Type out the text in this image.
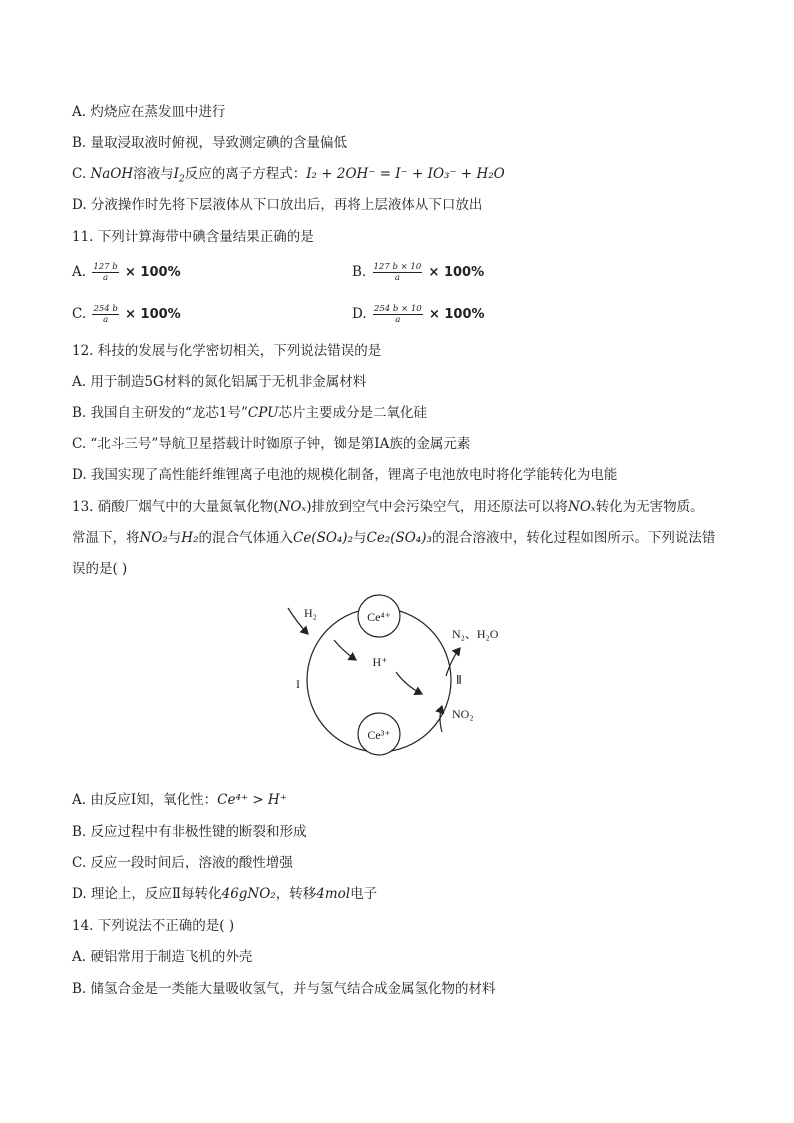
A. 灼烧应在蒸发皿中进行
B. 量取浸取液时俯视，导致测定碘的含量偏低
C. NaOH溶液与$I_2$反应的离子方程式：I₂ + 2OH⁻ = I⁻ + IO₃⁻ + H₂O
D. 分液操作时先将下层液体从下口放出后，再将上层液体从下口放出
11. 下列计算海带中碘含量结果正确的是
A. $\frac{127 b}{a} \times 100\%$	B. $\frac{127 b \times 10}{a} \times 100\%$
C. $\frac{254 b}{a} \times 100\%$	D. $\frac{254 b \times 10}{a} \times 100\%$
12. 科技的发展与化学密切相关，下列说法错误的是
A. 用于制造5G材料的氮化铝属于无机非金属材料
B. 我国自主研发的“龙芯1号”CPU芯片主要成分是二氧化硅
C. “北斗三号”导航卫星搭载计时铷原子钟，铷是第ⅠA族的金属元素
D. 我国实现了高性能纤维锂离子电池的规模化制备，锂离子电池放电时将化学能转化为电能
13. 硝酸厂烟气中的大量氮氧化物(NOₓ)排放到空气中会污染空气，用还原法可以将NOₓ转化为无害物质。
常温下，将NO₂与H₂的混合气体通入Ce(SO₄)₂与Ce₂(SO₄)₃的混合溶液中，转化过程如图所示。下列说法错
误的是( )
Ce⁴⁺
Ce³⁺
H₂
H⁺
N₂、H₂O
Ⅱ
I
NO₂
A. 由反应Ⅰ知，氧化性：Ce⁴⁺ > H⁺
B. 反应过程中有非极性键的断裂和形成
C. 反应一段时间后，溶液的酸性增强
D. 理论上，反应Ⅱ每转化46gNO₂，转移4mol电子
14. 下列说法不正确的是( )
A. 硬铝常用于制造飞机的外壳
B. 储氢合金是一类能大量吸收氢气，并与氢气结合成金属氢化物的材料
